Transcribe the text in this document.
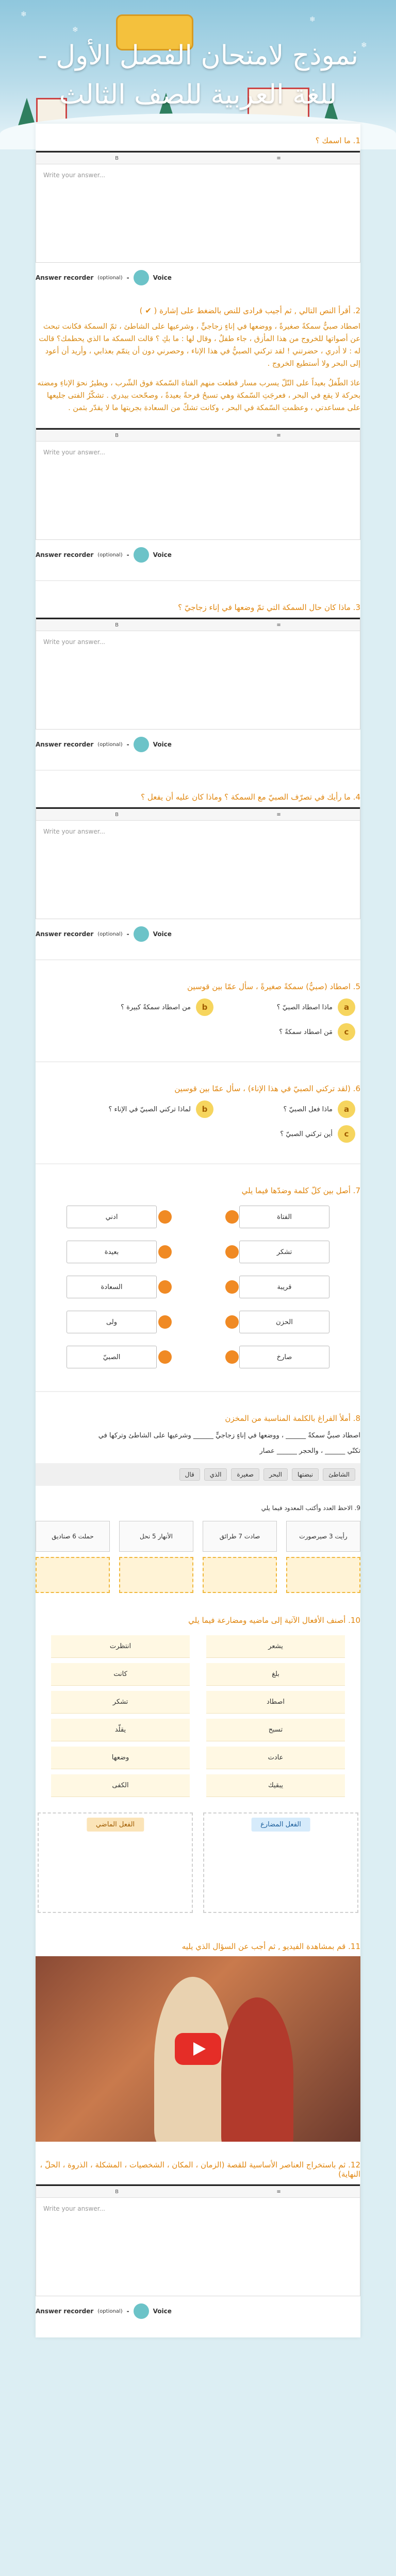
❄
❄
❄
❄
نموذج لامتحان الفصل الأول - للغة العربية للصف الثالث
1. ما اسمك ؟
B	≡
Write your answer...
Answer recorder (optional) -	Voice
2. أقرأ النص التالي , ثم أجيب فرادى للنص بالضغط على إشارة ( ✔ )

اصطاد صبيٌّ سمكةً صغيرةً ، ووضعها في إناءٍ زجاجيٍّ ، وشرعيها على الشاطئ ، ثمّ السمكة فكانت تبحث عن أصواتها للخروج من هذا المأزق ، جاء طفلٌ ، وقال لها : ما بكِ ؟ قالت السمكة ما الذي يحطمك؟ قالت له : لا أدري ، حضرتني ! لقد تركني الصبيُّ في هذا الإناء ، وحصرني دون أن يتمّم بعذابي ، وأريد أن أعود إلى البحر ولا أستطيع الخروج .

عادَ الطّفلُ بعيداً على التّلّ يسرب مسار قطعت منهم الفتاة السّمكة فوق الشّرب ، ويطيرُ نحوَ الإناءِ ومضته بحركة لا يقع في البحر ، فعرجَتِ السّمكة وهي تسبحُ فرحةً بعيدةً ، وصحّحت بيدري . تشكّرُ الفتى جليعها على مساعدتي ، وعظمتِ السّمكة في البحر ، وكانت تشكّ من السعادة بجريتها ما لا يقدّر بثمن .

B	≡
Write your answer...
Answer recorder (optional) -	Voice
3. ماذا كان حال السمكة التي تمّ وضعها في إناء زجاجيّ ؟
B	≡
Write your answer...
Answer recorder (optional) -	Voice
4. ما رأيك في تصرّف الصبيّ مع السمكة ؟ وماذا كان عليه أن يفعل ؟
B	≡
Write your answer...
Answer recorder (optional) -	Voice
5. اصطاد (صبيٌّ) سمكةً صغيرةً ، سأل عمّا بين قوسين
a
ماذا اصطاد الصبيّ ؟
b
من اصطاد سمكةً كبيرة ؟
c
مَن اصطاد سمكةً ؟
6. (لقد تركني الصبيّ في هذا الإناء) ، سأل عمّا بين قوسين
a
ماذا فعل الصبيّ ؟
b
لماذا تركني الصبيّ في الإناء ؟
c
أين تركني الصبيّ ؟
7. أصل بين كلّ كلمة وضدّها فيما يلي
الفتاة
تشكر
قريبة
الحزن
صارخ
ادني
بعيدة
السعادة
ولى
الصبيّ
8. أملأ الفراغ بالكلمة المناسبة من المخزن
اصطاد صبيٌّ سمكةً ______ ، ووضعها في إناءٍ زجاجيٍّ ______ وشرعيها على الشاطئ وتركها في
تكتّي ______ ، والحجر ______ عصار
الشاطئ
نبضتها
البحر
صغيرة
الذي
قال
9. الاحظ العدد وأكتب المعدود فيما يلي
رأيت 3 صيرصورت
صادت 7 طرائق
الأنهار 5 نحل
حملت 6 صناديق
10. أصنف الأفعال الآتية إلى ماضيه ومضارعة فيما يلي
يشعر
انتظرت
بلغ
كانت
اصطاد
تشكر
تسبح
يقلّد
عادت
وضعها
يبقيك
الكفى
الفعل الماضي	الفعل المضارع
11. قم بمشاهدة الفيديو , ثم أجب عن السؤال الذي يليه
12. ثم باستخراج العناصر الأساسية للقصة (الزمان ، المكان ، الشخصيات ، المشكلة ، الذروة ، الحلّ ، النهاية)
B	≡
Write your answer...
Answer recorder (optional) -	Voice
